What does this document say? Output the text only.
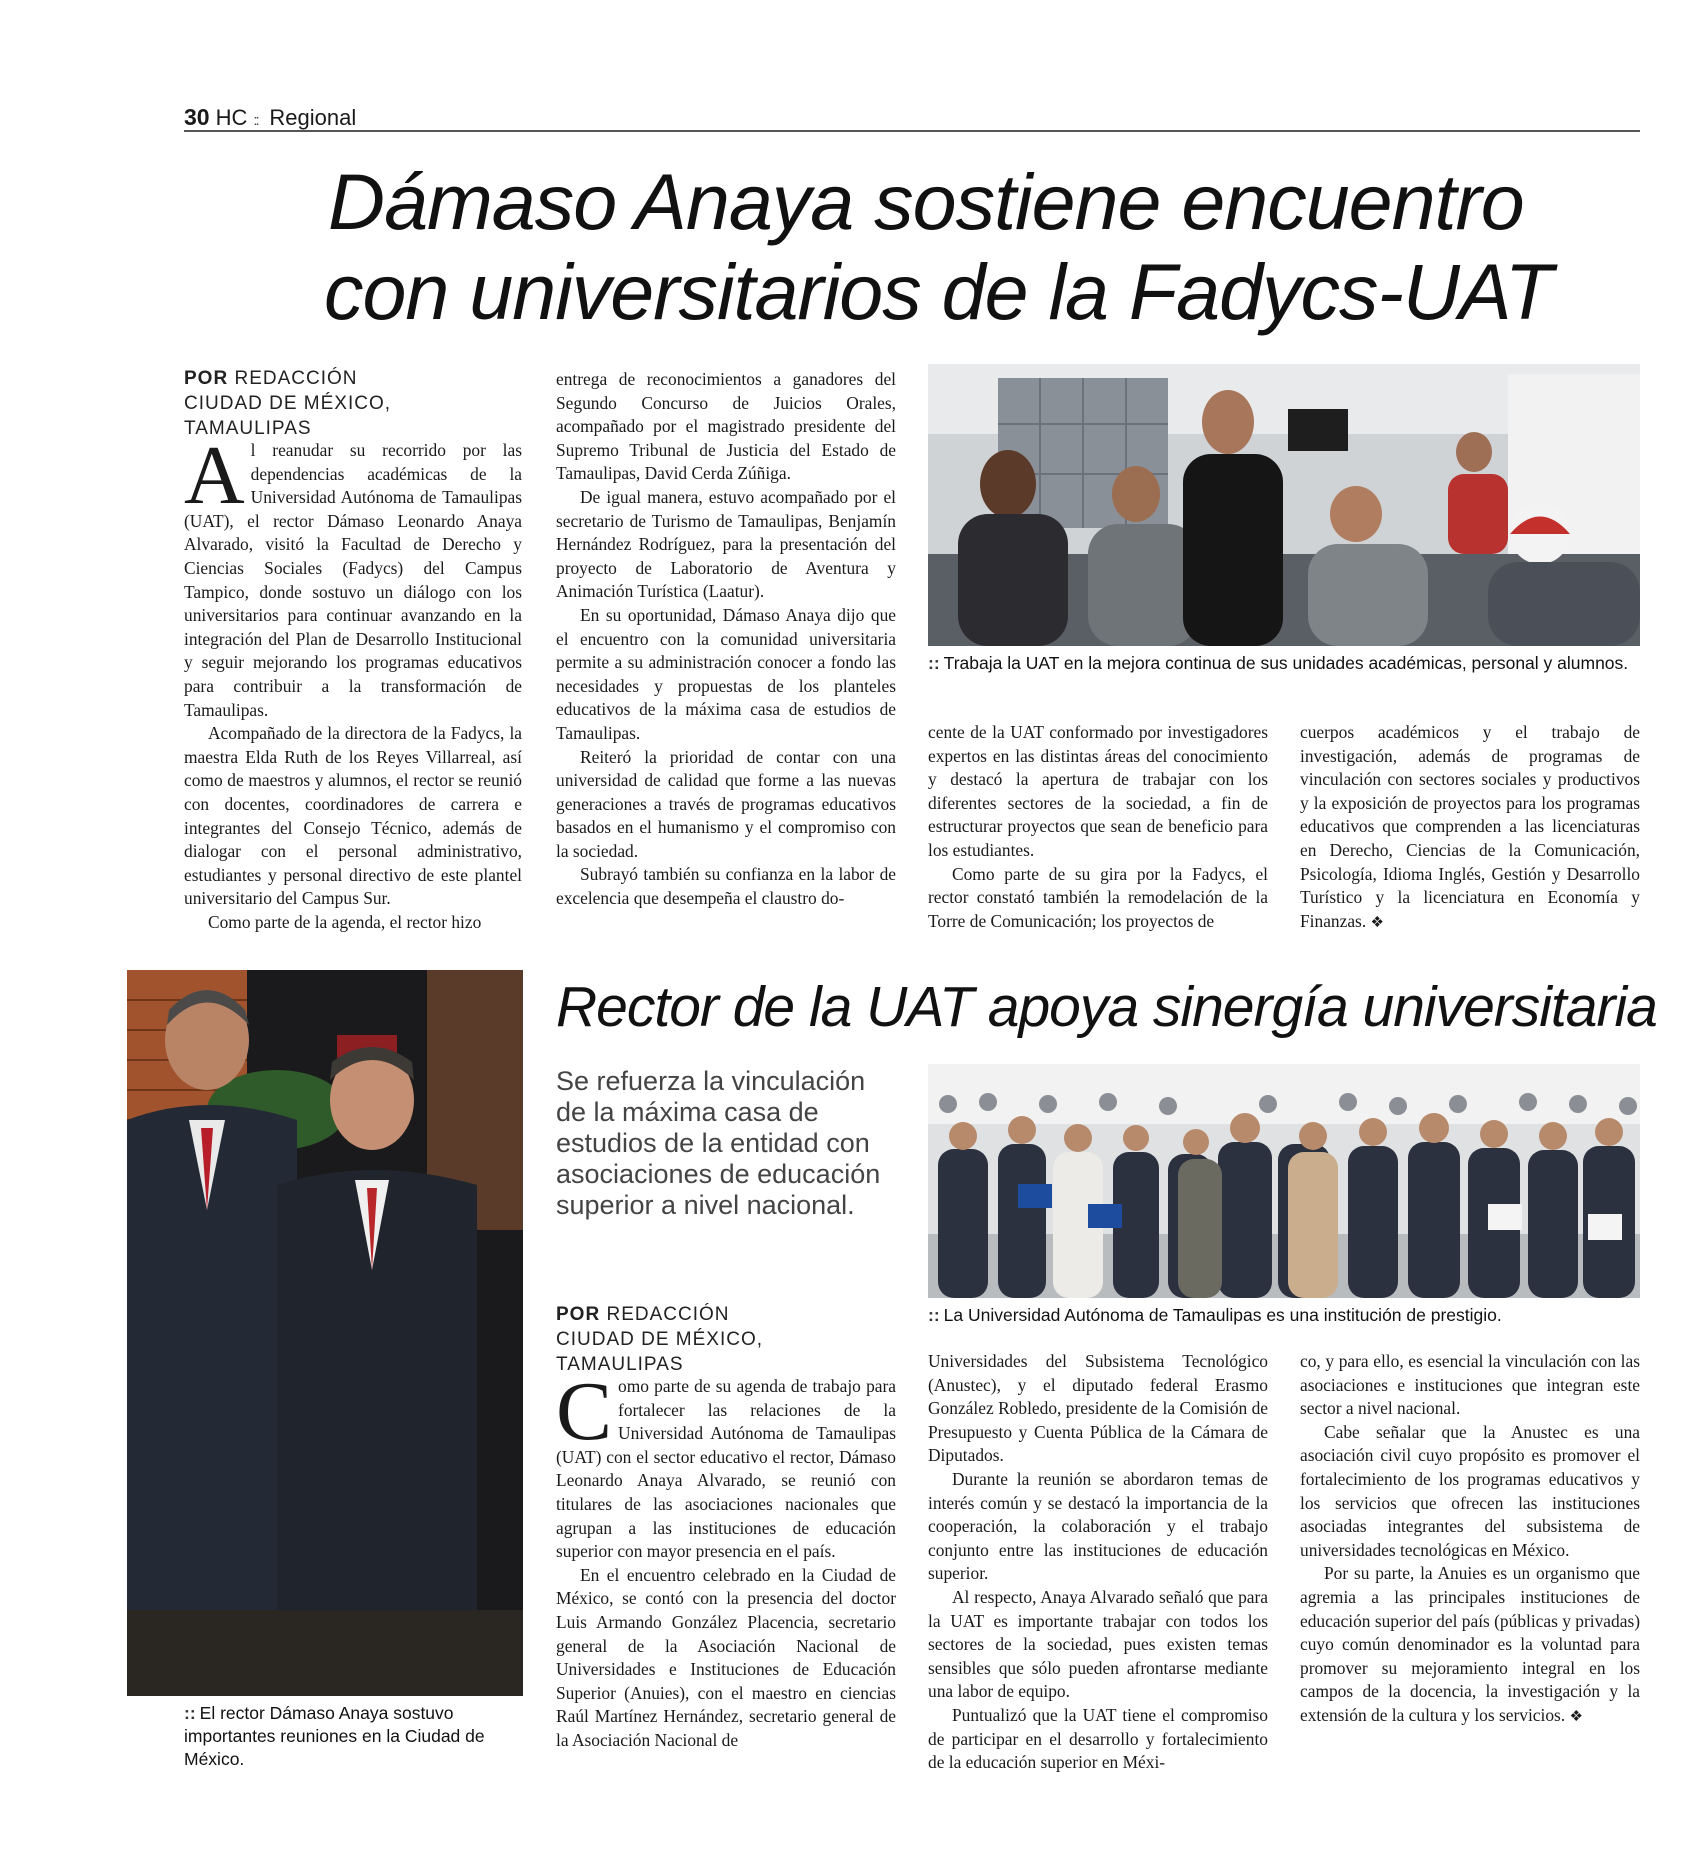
30 HC :: Regional
Dámaso Anaya sostiene encuentro
con universitarios de la Fadycs-UAT
POR REDACCIÓN
CIUDAD DE MÉXICO, TAMAULIPAS

Al reanudar su recorrido por las dependencias académicas de la Universidad Autónoma de Tamaulipas (UAT), el rector Dámaso Leonardo Anaya Alvarado, visitó la Facultad de Derecho y Ciencias Sociales (Fadycs) del Campus Tampico, donde sostuvo un diálogo con los universitarios para continuar avanzando en la integración del Plan de Desarrollo Institucional y seguir mejorando los programas educativos para contribuir a la transformación de Tamaulipas.

Acompañado de la directora de la Fadycs, la maestra Elda Ruth de los Reyes Villarreal, así como de maestros y alumnos, el rector se reunió con docentes, coordinadores de carrera e integrantes del Consejo Técnico, además de dialogar con el personal administrativo, estudiantes y personal directivo de este plantel universitario del Campus Sur.

Como parte de la agenda, el rector hizo

entrega de reconocimientos a ganadores del Segundo Concurso de Juicios Orales, acompañado por el magistrado presidente del Supremo Tribunal de Justicia del Estado de Tamaulipas, David Cerda Zúñiga.

De igual manera, estuvo acompañado por el secretario de Turismo de Tamaulipas, Benjamín Hernández Rodríguez, para la presentación del proyecto de Laboratorio de Aventura y Animación Turística (Laatur).

En su oportunidad, Dámaso Anaya dijo que el encuentro con la comunidad universitaria permite a su administración conocer a fondo las necesidades y propuestas de los planteles educativos de la máxima casa de estudios de Tamaulipas.

Reiteró la prioridad de contar con una universidad de calidad que forme a las nuevas generaciones a través de programas educativos basados en el humanismo y el compromiso con la sociedad.

Subrayó también su confianza en la labor de excelencia que desempeña el claustro do-

:: Trabaja la UAT en la mejora continua de sus unidades académicas, personal y alumnos.

cente de la UAT conformado por investigadores expertos en las distintas áreas del conocimiento y destacó la apertura de trabajar con los diferentes sectores de la sociedad, a fin de estructurar proyectos que sean de beneficio para los estudiantes.

Como parte de su gira por la Fadycs, el rector constató también la remodelación de la Torre de Comunicación; los proyectos de

cuerpos académicos y el trabajo de investigación, además de programas de vinculación con sectores sociales y productivos y la exposición de proyectos para los programas educativos que comprenden a las licenciaturas en Derecho, Ciencias de la Comunicación, Psicología, Idioma Inglés, Gestión y Desarrollo Turístico y la licenciatura en Economía y Finanzas. ❖

:: El rector Dámaso Anaya sostuvo importantes reuniones en la Ciudad de México.
Rector de la UAT apoya sinergía universitaria
Se refuerza la vinculación de la máxima casa de estudios de la entidad con asociaciones de educación superior a nivel nacional.
POR REDACCIÓN
CIUDAD DE MÉXICO, TAMAULIPAS
:: La Universidad Autónoma de Tamaulipas es una institución de prestigio.

Como parte de su agenda de trabajo para fortalecer las relaciones de la Universidad Autónoma de Tamaulipas (UAT) con el sector educativo el rector, Dámaso Leonardo Anaya Alvarado, se reunió con titulares de las asociaciones nacionales que agrupan a las instituciones de educación superior con mayor presencia en el país.

En el encuentro celebrado en la Ciudad de México, se contó con la presencia del doctor Luis Armando González Placencia, secretario general de la Asociación Nacional de Universidades e Instituciones de Educación Superior (Anuies), con el maestro en ciencias Raúl Martínez Hernández, secretario general de la Asociación Nacional de

Universidades del Subsistema Tecnológico (Anustec), y el diputado federal Erasmo González Robledo, presidente de la Comisión de Presupuesto y Cuenta Pública de la Cámara de Diputados.

Durante la reunión se abordaron temas de interés común y se destacó la importancia de la cooperación, la colaboración y el trabajo conjunto entre las instituciones de educación superior.

Al respecto, Anaya Alvarado señaló que para la UAT es importante trabajar con todos los sectores de la sociedad, pues existen temas sensibles que sólo pueden afrontarse mediante una labor de equipo.

Puntualizó que la UAT tiene el compromiso de participar en el desarrollo y fortalecimiento de la educación superior en Méxi-

co, y para ello, es esencial la vinculación con las asociaciones e instituciones que integran este sector a nivel nacional.

Cabe señalar que la Anustec es una asociación civil cuyo propósito es promover el fortalecimiento de los programas educativos y los servicios que ofrecen las instituciones asociadas integrantes del subsistema de universidades tecnológicas en México.

Por su parte, la Anuies es un organismo que agremia a las principales instituciones de educación superior del país (públicas y privadas) cuyo común denominador es la voluntad para promover su mejoramiento integral en los campos de la docencia, la investigación y la extensión de la cultura y los servicios. ❖
